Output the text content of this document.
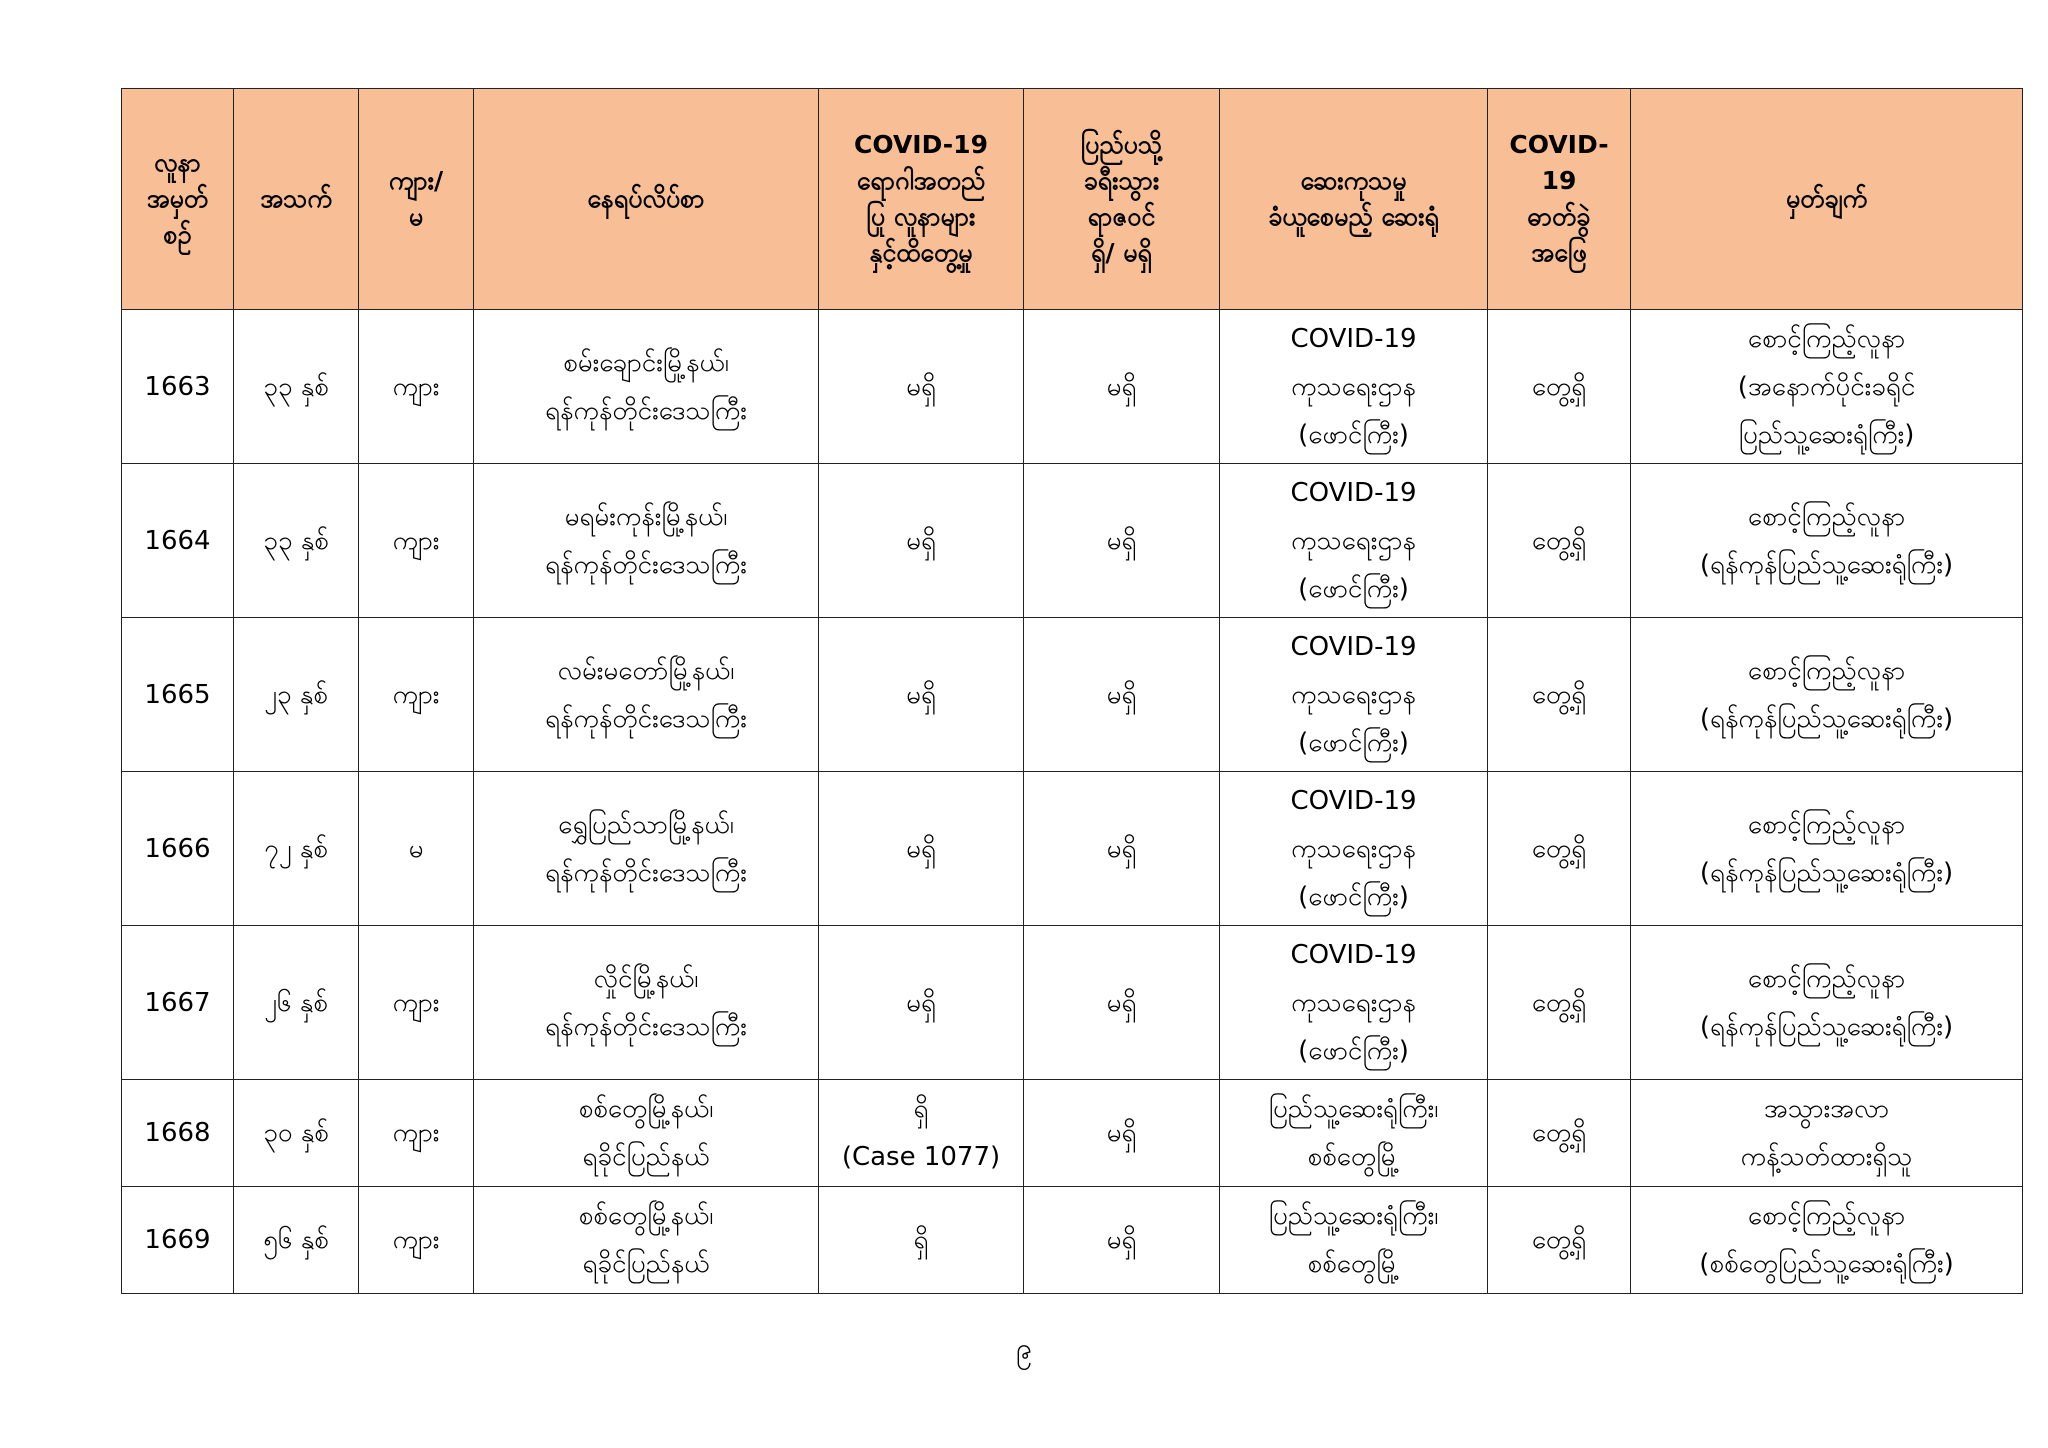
လူနာ
အမှတ်
စဉ်	အသက်	ကျား/
မ	နေရပ်လိပ်စာ	COVID-19
ရောဂါအတည်
ပြု လူနာများ
နှင့်ထိတွေ့မှု	ပြည်ပသို့
ခရီးသွား
ရာဇဝင်
ရှိ/ မရှိ	ဆေးကုသမှု
ခံယူစေမည့် ဆေးရုံ	COVID-
19
ဓာတ်ခွဲ
အဖြေ	မှတ်ချက်

1663	၃၃ နှစ်	ကျား	စမ်းချောင်းမြို့နယ်၊
ရန်ကုန်တိုင်းဒေသကြီး	မရှိ	မရှိ	COVID-19
ကုသရေးဌာန
(ဖောင်ကြီး)	တွေ့ရှိ	စောင့်ကြည့်လူနာ
(အနောက်ပိုင်းခရိုင်
ပြည်သူ့ဆေးရုံကြီး)

1664	၃၃ နှစ်	ကျား	မရမ်းကုန်းမြို့နယ်၊
ရန်ကုန်တိုင်းဒေသကြီး	မရှိ	မရှိ	COVID-19
ကုသရေးဌာန
(ဖောင်ကြီး)	တွေ့ရှိ	စောင့်ကြည့်လူနာ
(ရန်ကုန်ပြည်သူ့ဆေးရုံကြီး)

1665	၂၃ နှစ်	ကျား	လမ်းမတော်မြို့နယ်၊
ရန်ကုန်တိုင်းဒေသကြီး	မရှိ	မရှိ	COVID-19
ကုသရေးဌာန
(ဖောင်ကြီး)	တွေ့ရှိ	စောင့်ကြည့်လူနာ
(ရန်ကုန်ပြည်သူ့ဆေးရုံကြီး)

1666	၇၂ နှစ်	မ	ရွှေပြည်သာမြို့နယ်၊
ရန်ကုန်တိုင်းဒေသကြီး	မရှိ	မရှိ	COVID-19
ကုသရေးဌာန
(ဖောင်ကြီး)	တွေ့ရှိ	စောင့်ကြည့်လူနာ
(ရန်ကုန်ပြည်သူ့ဆေးရုံကြီး)

1667	၂၆ နှစ်	ကျား	လှိုင်မြို့နယ်၊
ရန်ကုန်တိုင်းဒေသကြီး	မရှိ	မရှိ	COVID-19
ကုသရေးဌာန
(ဖောင်ကြီး)	တွေ့ရှိ	စောင့်ကြည့်လူနာ
(ရန်ကုန်ပြည်သူ့ဆေးရုံကြီး)

1668	၃၀ နှစ်	ကျား	စစ်တွေမြို့နယ်၊
ရခိုင်ပြည်နယ်	ရှိ
(Case 1077)	မရှိ	ပြည်သူ့ဆေးရုံကြီး၊
စစ်တွေမြို့	တွေ့ရှိ	အသွားအလာ
ကန့်သတ်ထားရှိသူ

1669	၅၆ နှစ်	ကျား	စစ်တွေမြို့နယ်၊
ရခိုင်ပြည်နယ်	ရှိ	မရှိ	ပြည်သူ့ဆေးရုံကြီး၊
စစ်တွေမြို့	တွေ့ရှိ	စောင့်ကြည့်လူနာ
(စစ်တွေပြည်သူ့ဆေးရုံကြီး)
၉
